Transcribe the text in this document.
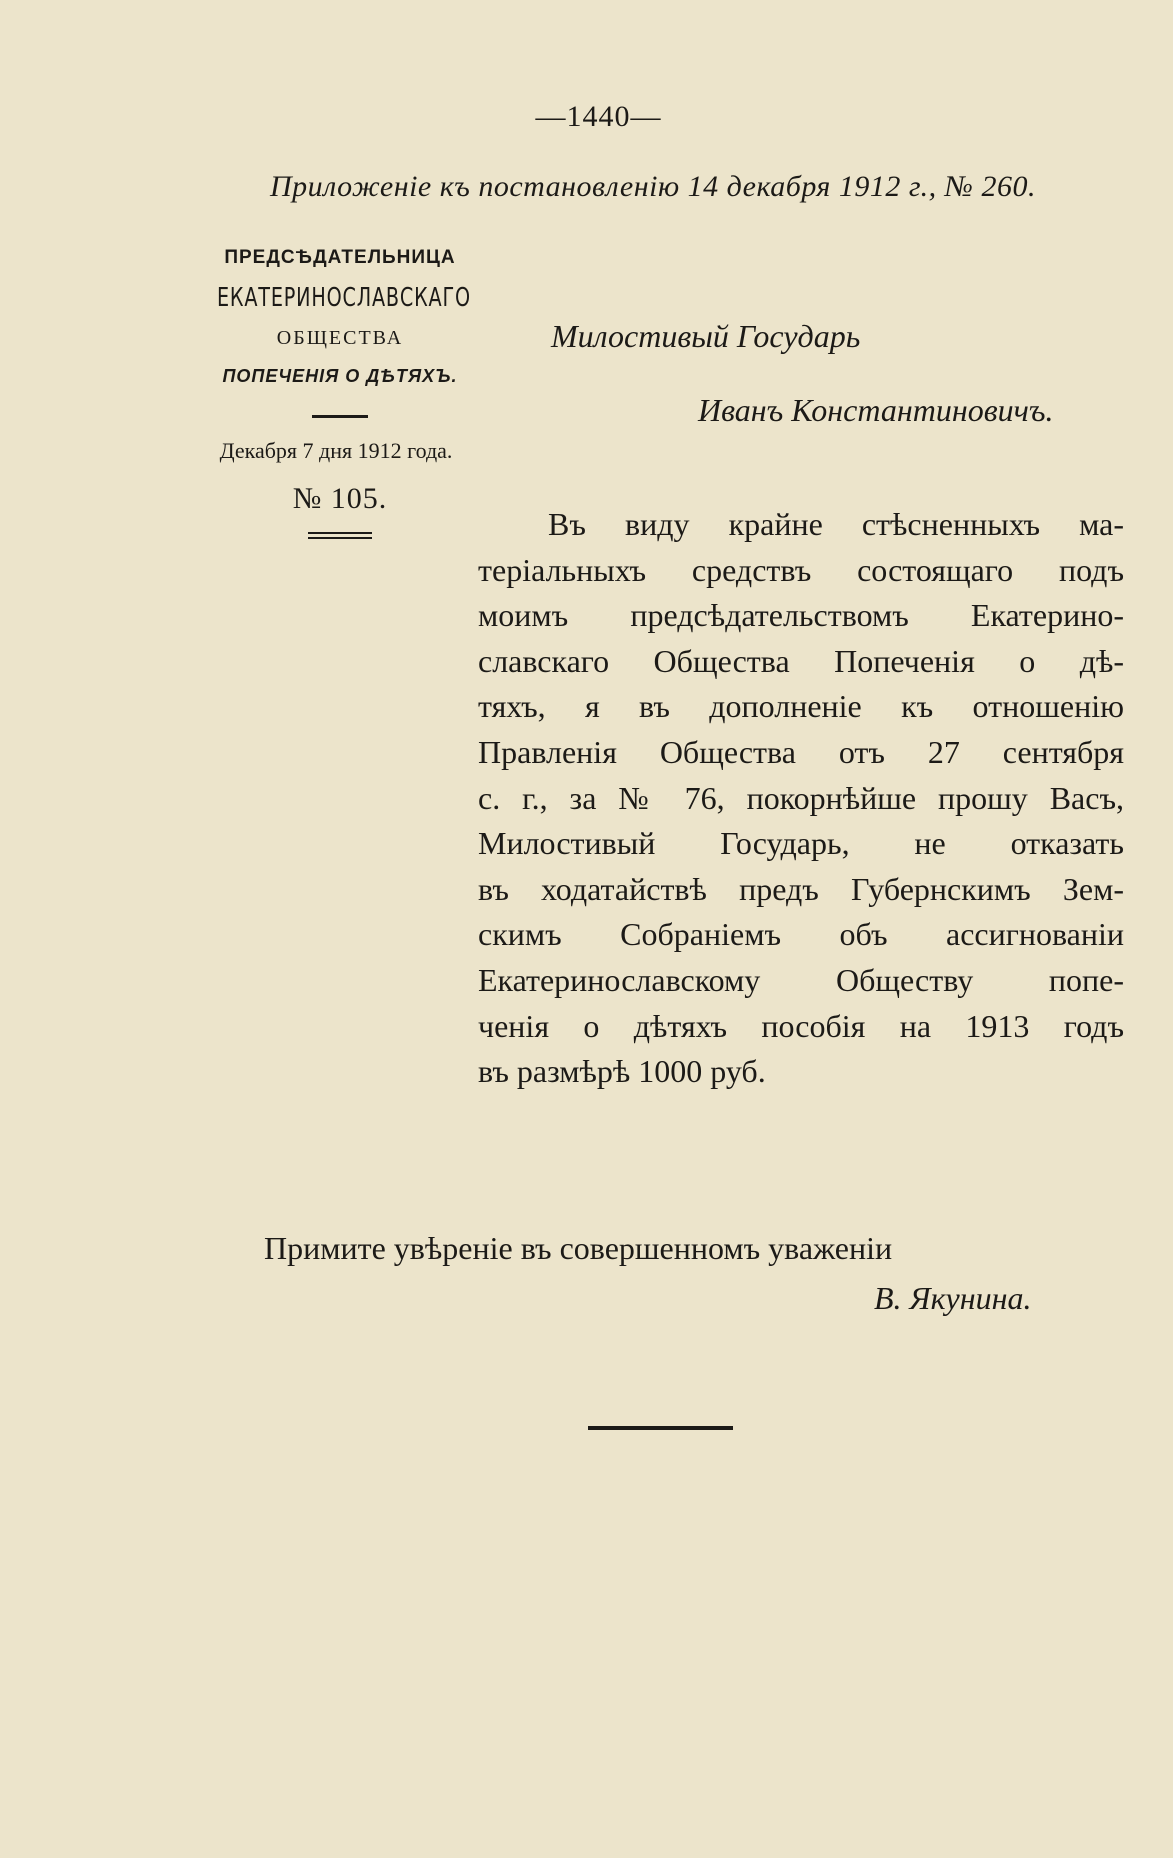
—1440—
Приложенiе къ постановленiю 14 декабря 1912 г., № 260.
ПРЕДСѢДАТЕЛЬНИЦА
ЕКАТЕРИНОСЛАВСКАГО
ОБЩЕСТВА
ПОПЕЧЕНIЯ О ДѢТЯХЪ.
Декабря 7 дня 1912 года.
№ 105.
Милостивый Государь
Иванъ Константиновичъ.
Въ виду крайне стѣсненныхъ ма-
терiальныхъ средствъ состоящаго подъ
моимъ предсѣдательствомъ Екатерино-
славскаго Общества Попеченiя о дѣ-
тяхъ, я въ дополненiе къ отношенiю
Правленiя Общества отъ 27 сентября
с. г., за № 76, покорнѣйше прошу Васъ,
Милостивый Государь, не отказать
въ ходатайствѣ предъ Губернскимъ Зем-
скимъ Собранiемъ объ ассигнованiи
Екатеринославскому Обществу попе-
ченiя о дѣтяхъ пособiя на 1913 годъ
въ размѣрѣ 1000 руб.
Примите увѣренiе въ совершенномъ уваженiи
В. Якунина.
